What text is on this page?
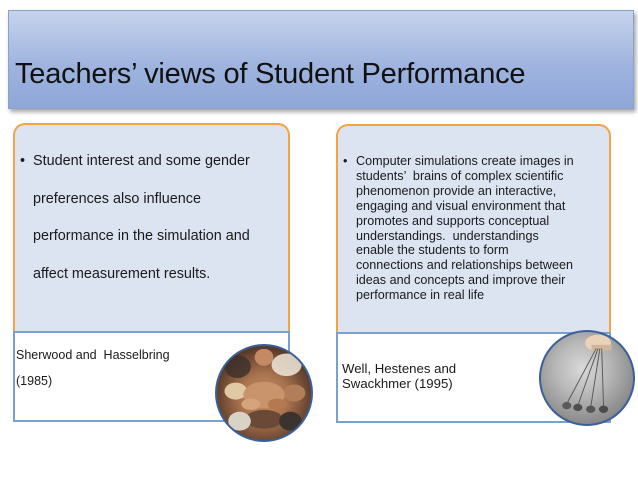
Teachers’ views of Student Performance
• Student interest and some gender
preferences also influence
performance in the simulation and
affect measurement results.
Sherwood and  Hasselbring
(1985)
• Computer simulations create images in
students’  brains of complex scientific
phenomenon provide an interactive,
engaging and visual environment that
promotes and supports conceptual
understandings.  understandings
enable the students to form
connections and relationships between
ideas and concepts and improve their
performance in real life
Well, Hestenes and
Swackhmer (1995)
